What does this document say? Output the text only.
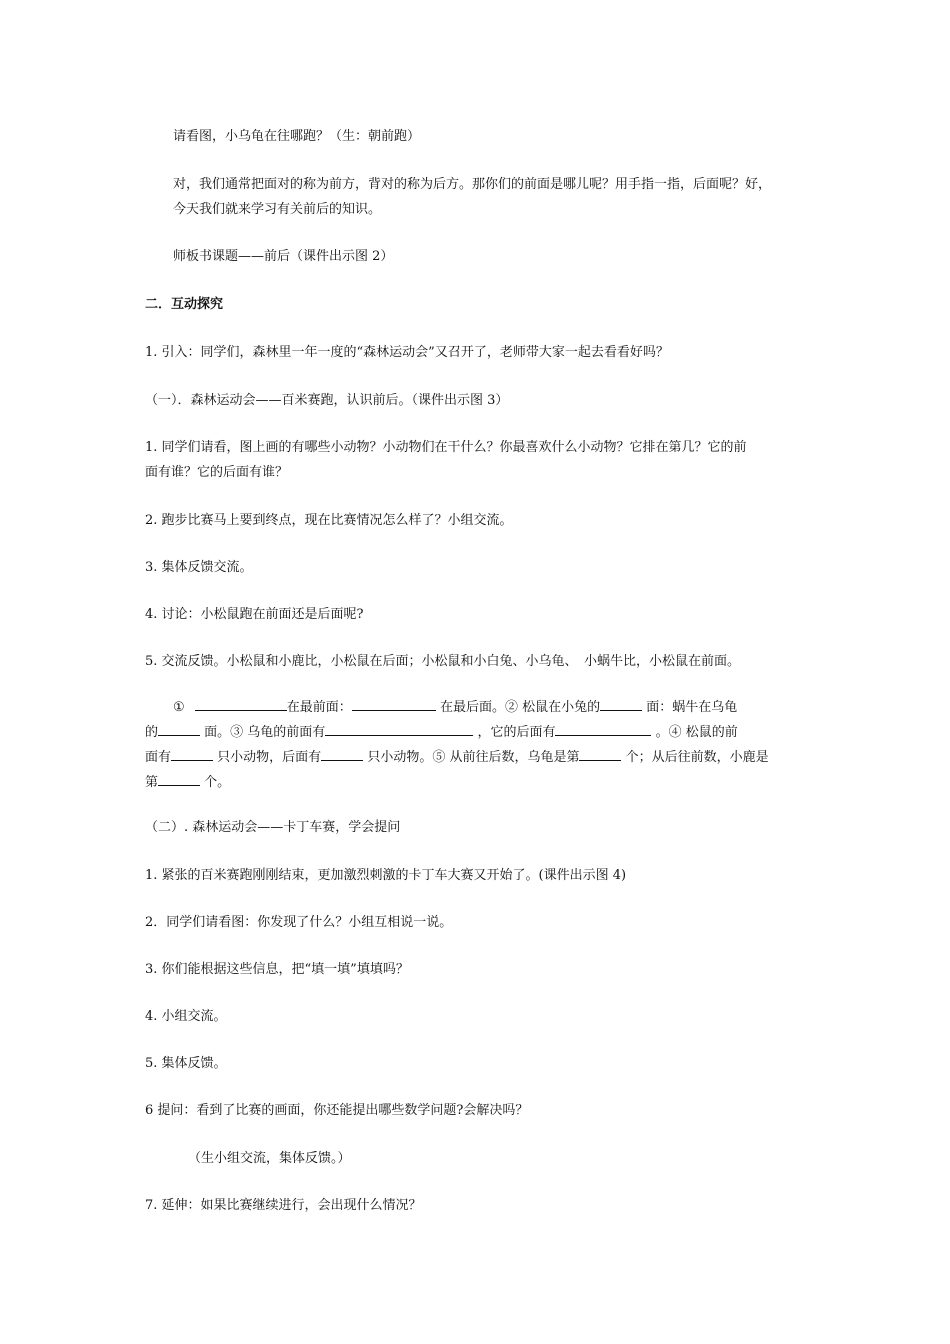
请看图，小乌龟在往哪跑？（生：朝前跑）

对，我们通常把面对的称为前方，背对的称为后方。那你们的前面是哪儿呢？用手指一指，后面呢？好，

今天我们就来学习有关前后的知识。

师板书课题——前后（课件出示图 2）

二．互动探究

1. 引入：同学们，森林里一年一度的“森林运动会”又召开了，老师带大家一起去看看好吗？

（一）．森林运动会——百米赛跑，认识前后。（课件出示图 3）

1. 同学们请看，图上画的有哪些小动物？小动物们在干什么？你最喜欢什么小动物？它排在第几？它的前

面有谁？它的后面有谁？

2. 跑步比赛马上要到终点，现在比赛情况怎么样了？小组交流。

3. 集体反馈交流。

4. 讨论：小松鼠跑在前面还是后面呢?

5. 交流反馈。小松鼠和小鹿比，小松鼠在后面；小松鼠和小白兔、小乌龟、　小蜗牛比，小松鼠在前面。

①	在最前面：	在最后面。② 松鼠在小兔的	面：蜗牛在乌龟
的	面。③ 乌龟的前面有	，它的后面有	。④ 松鼠的前
面有	只小动物，后面有	只小动物。⑤ 从前往后数，乌龟是第	个；从后往前数，小鹿是
第	个。

（二）. 森林运动会——卡丁车赛，学会提问

1. 紧张的百米赛跑刚刚结束，更加激烈刺激的卡丁车大赛又开始了。(课件出示图 4)

2．同学们请看图：你发现了什么？小组互相说一说。

3. 你们能根据这些信息，把“填一填”填填吗？

4. 小组交流。

5. 集体反馈。

6 提问：看到了比赛的画面，你还能提出哪些数学问题?会解决吗？

（生小组交流，集体反馈。）

7. 延伸：如果比赛继续进行，会出现什么情况？
